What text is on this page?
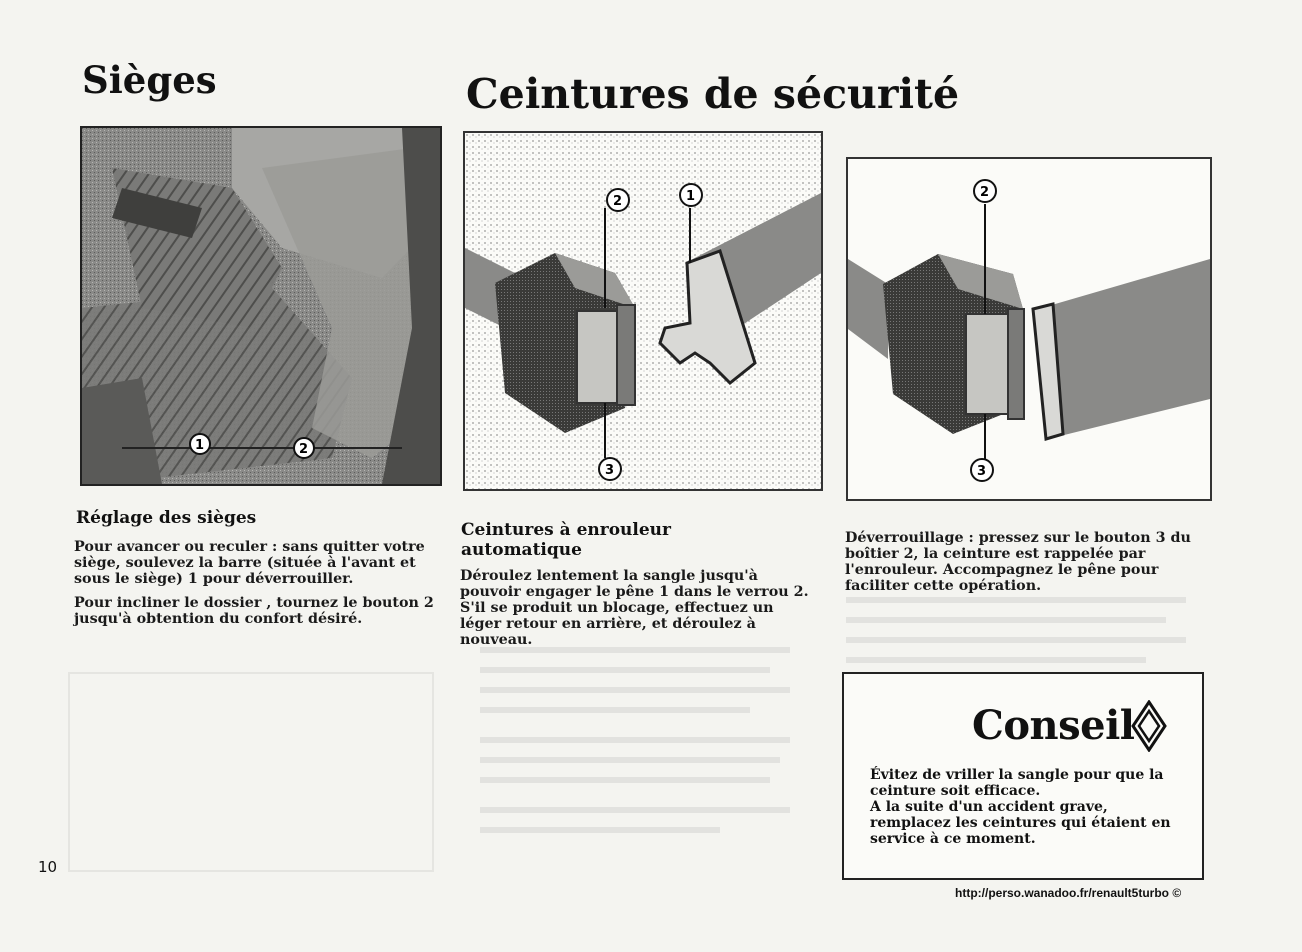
Sièges	Ceintures de sécurité
1	2
2	1
3
2
3
Réglage des sièges

Pour avancer ou reculer : sans quitter votre siège, soulevez la barre (située à l'avant et sous le siège) 1 pour déverrouiller.

Pour incliner le dossier , tournez le bouton 2 jusqu'à obtention du confort désiré.

Ceintures à enrouleur automatique

Déroulez lentement la sangle jusqu'à pouvoir engager le pêne 1 dans le verrou 2. S'il se produit un blocage, effectuez un léger retour en arrière, et déroulez à nouveau.

Déverrouillage : pressez sur le bouton 3 du boîtier 2, la ceinture est rappelée par l'enrouleur. Accompagnez le pêne pour faciliter cette opération.

Conseil
Évitez de vriller la sangle pour que la ceinture soit efficace.
A la suite d'un accident grave, remplacez les ceintures qui étaient en service à ce moment.
10
http://perso.wanadoo.fr/renault5turbo ©
